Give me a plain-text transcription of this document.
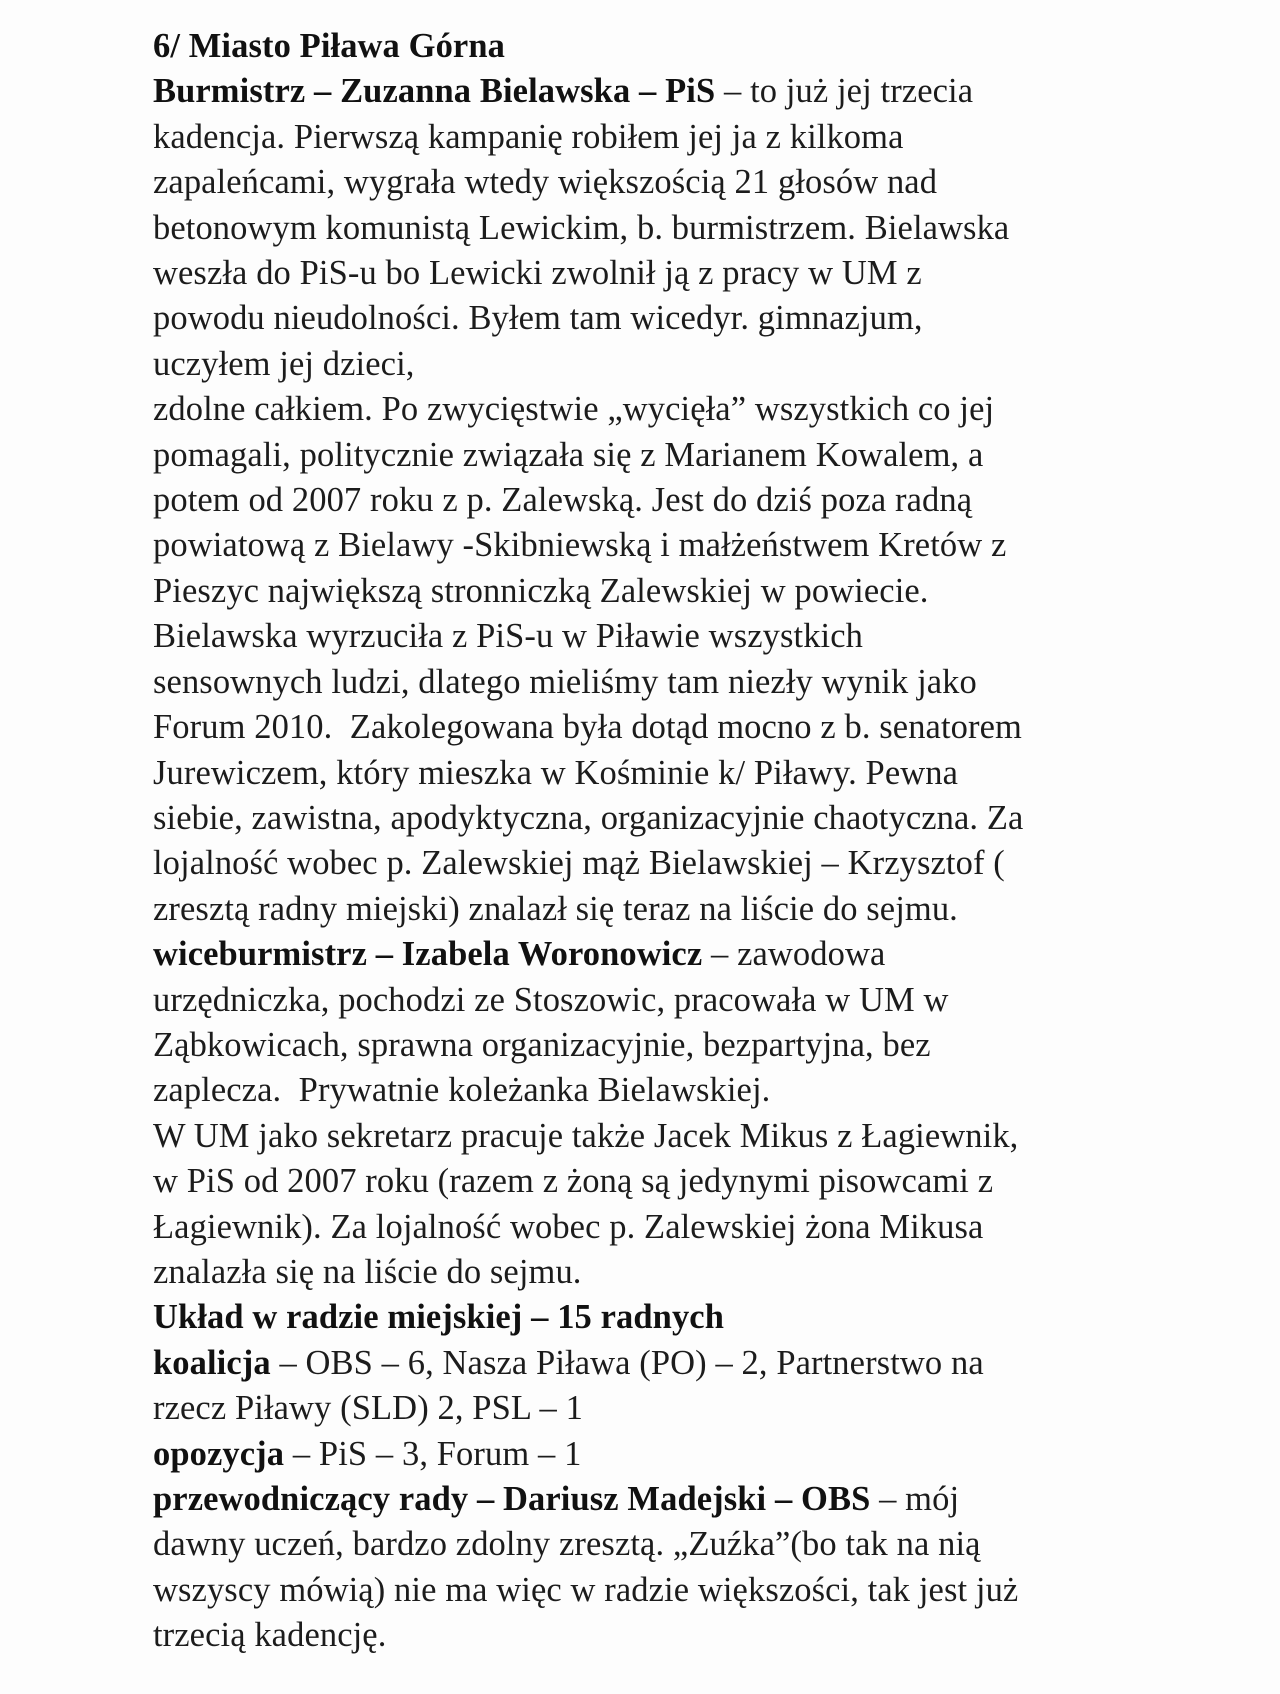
6/ Miasto Piława Górna
Burmistrz – Zuzanna Bielawska – PiS – to już jej trzecia
kadencja. Pierwszą kampanię robiłem jej ja z kilkoma
zapaleńcami, wygrała wtedy większością 21 głosów nad
betonowym komunistą Lewickim, b. burmistrzem. Bielawska
weszła do PiS-u bo Lewicki zwolnił ją z pracy w UM z
powodu nieudolności. Byłem tam wicedyr. gimnazjum,
uczyłem jej dzieci,
zdolne całkiem. Po zwycięstwie „wycięła” wszystkich co jej
pomagali, politycznie związała się z Marianem Kowalem, a
potem od 2007 roku z p. Zalewską. Jest do dziś poza radną
powiatową z Bielawy -Skibniewską i małżeństwem Kretów z
Pieszyc największą stronniczką Zalewskiej w powiecie.
Bielawska wyrzuciła z PiS-u w Piławie wszystkich
sensownych ludzi, dlatego mieliśmy tam niezły wynik jako
Forum 2010.  Zakolegowana była dotąd mocno z b. senatorem
Jurewiczem, który mieszka w Kośminie k/ Piławy. Pewna
siebie, zawistna, apodyktyczna, organizacyjnie chaotyczna. Za
lojalność wobec p. Zalewskiej mąż Bielawskiej – Krzysztof (
zresztą radny miejski) znalazł się teraz na liście do sejmu.
wiceburmistrz – Izabela Woronowicz – zawodowa
urzędniczka, pochodzi ze Stoszowic, pracowała w UM w
Ząbkowicach, sprawna organizacyjnie, bezpartyjna, bez
zaplecza.  Prywatnie koleżanka Bielawskiej.
W UM jako sekretarz pracuje także Jacek Mikus z Łagiewnik,
w PiS od 2007 roku (razem z żoną są jedynymi pisowcami z
Łagiewnik). Za lojalność wobec p. Zalewskiej żona Mikusa
znalazła się na liście do sejmu.
Układ w radzie miejskiej – 15 radnych
koalicja – OBS – 6, Nasza Piława (PO) – 2, Partnerstwo na
rzecz Piławy (SLD) 2, PSL – 1
opozycja – PiS – 3, Forum – 1
przewodniczący rady – Dariusz Madejski – OBS – mój
dawny uczeń, bardzo zdolny zresztą. „Zuźka”(bo tak na nią
wszyscy mówią) nie ma więc w radzie większości, tak jest już
trzecią kadencję.
